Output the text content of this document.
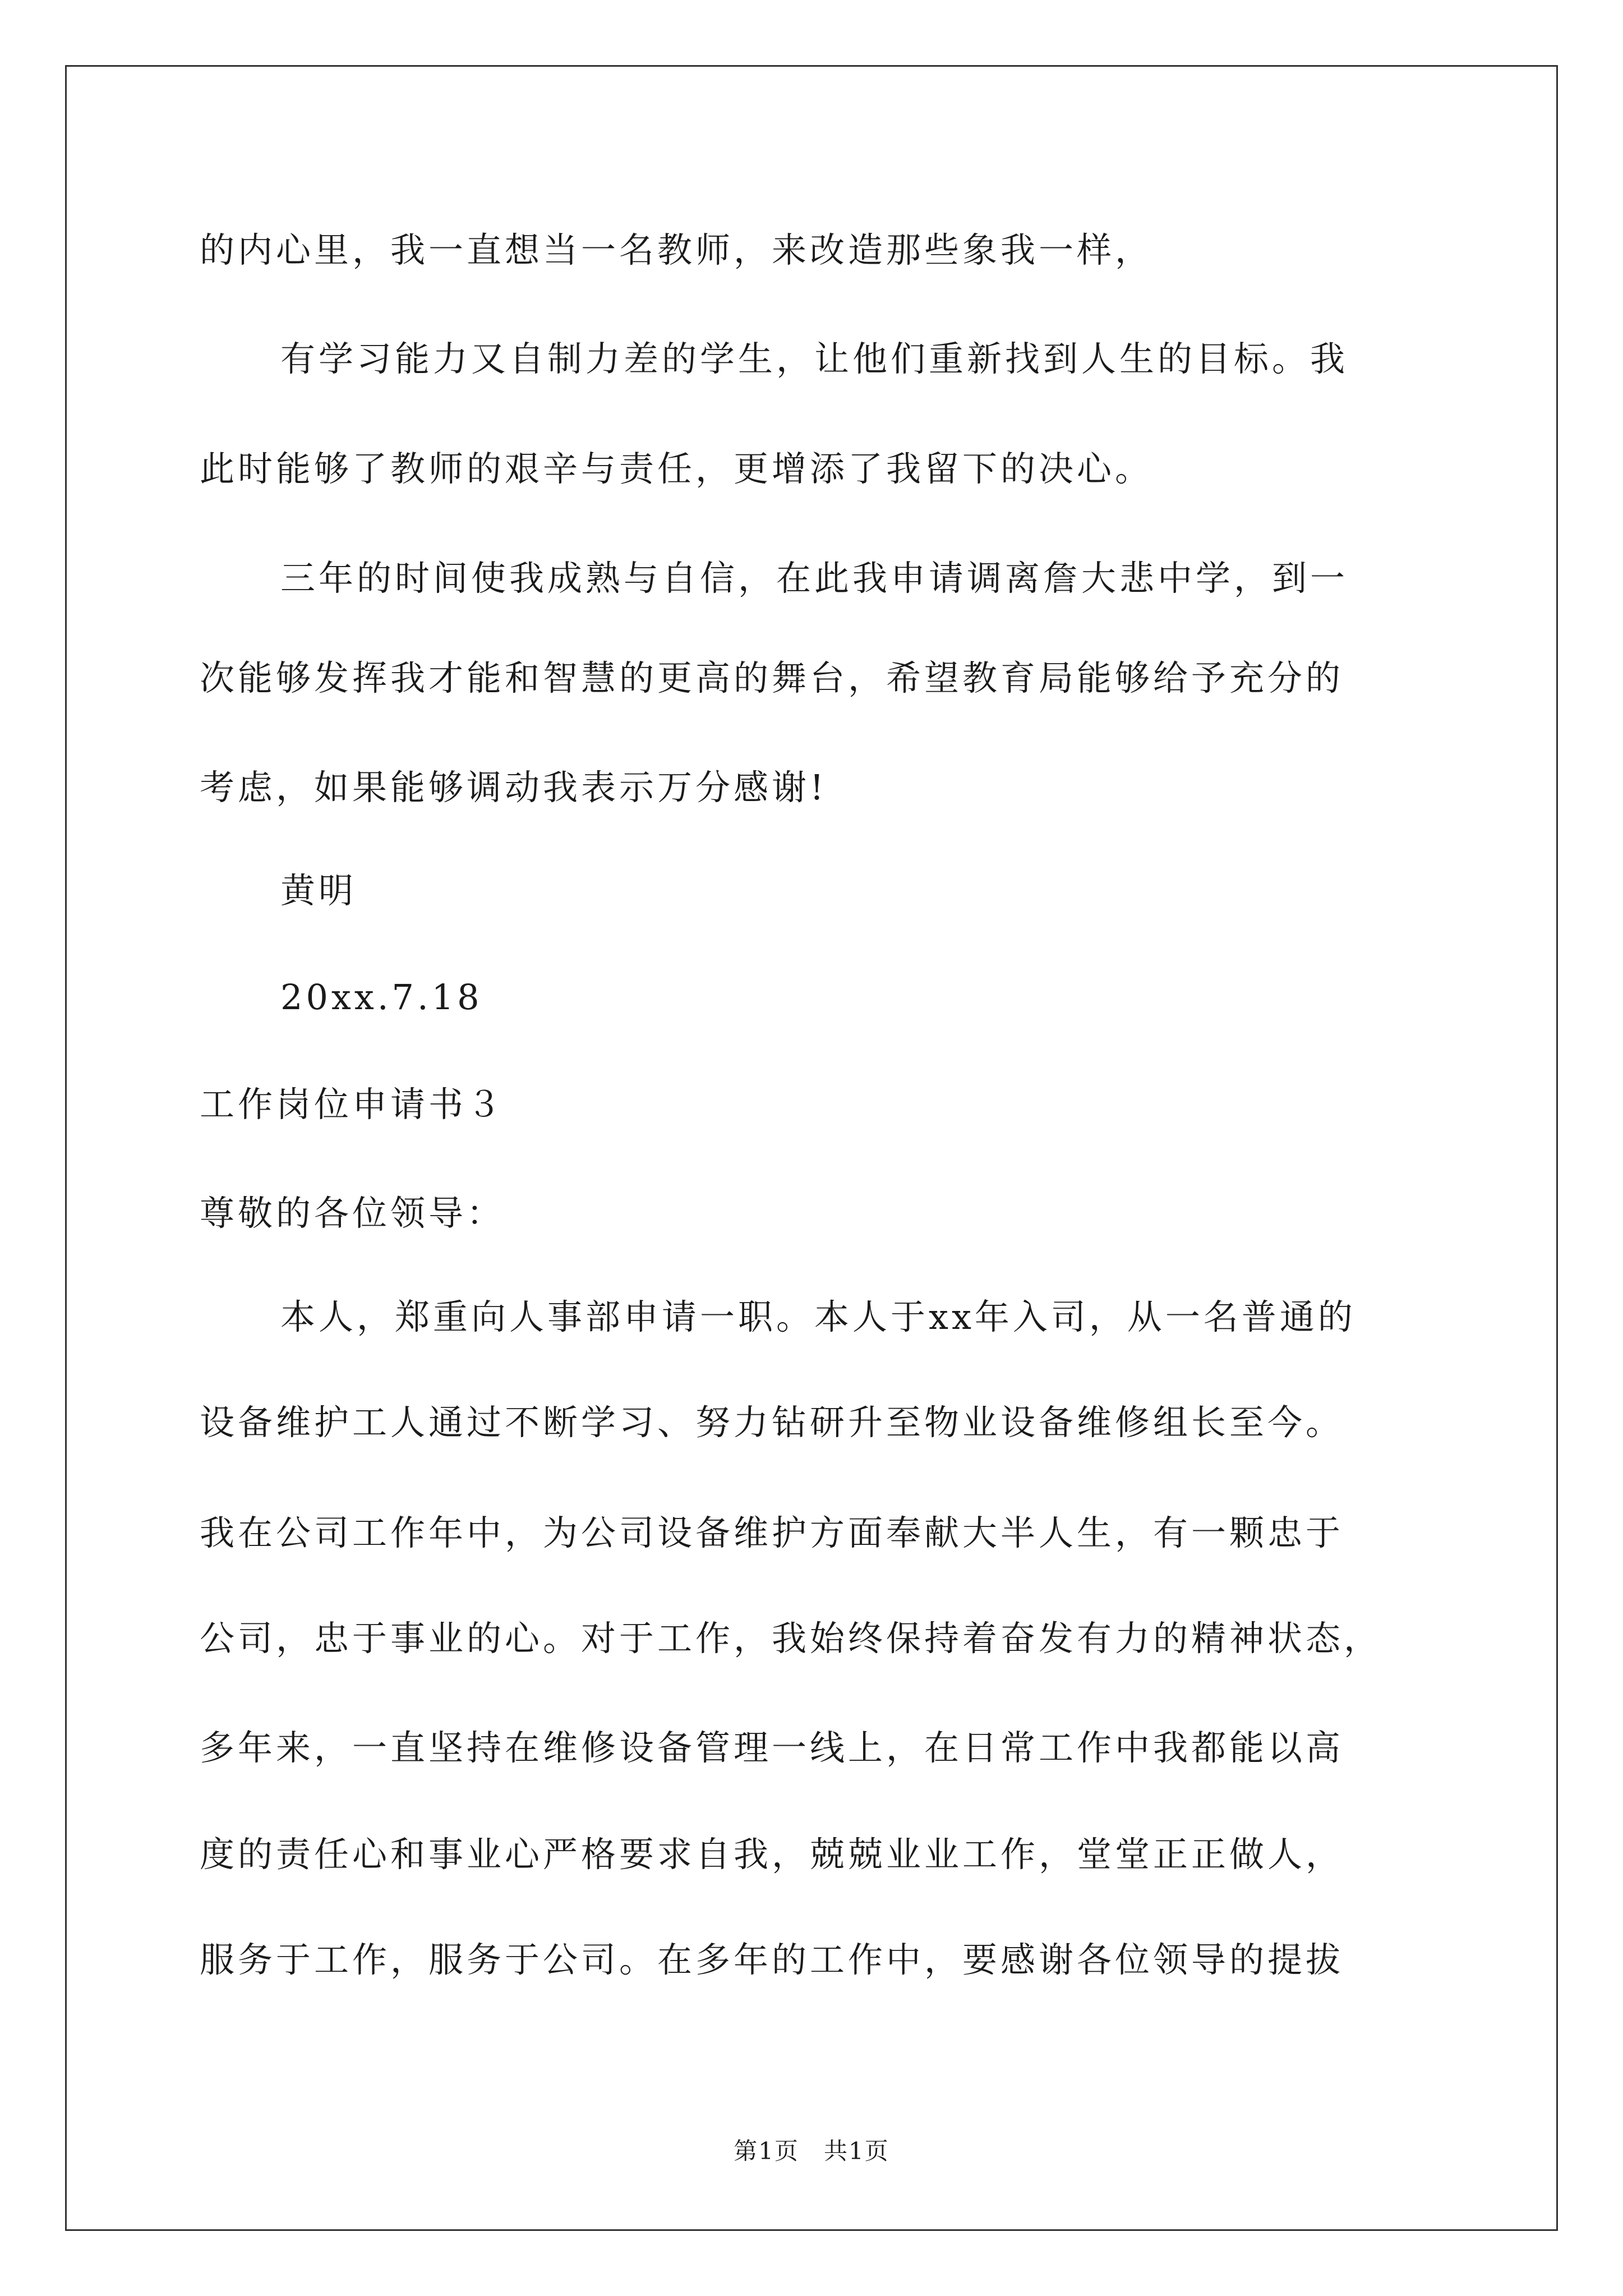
的内心里，我一直想当一名教师，来改造那些象我一样，
有学习能力又自制力差的学生，让他们重新找到人生的目标。我
此时能够了教师的艰辛与责任，更增添了我留下的决心。
三年的时间使我成熟与自信，在此我申请调离詹大悲中学，到一
次能够发挥我才能和智慧的更高的舞台，希望教育局能够给予充分的
考虑，如果能够调动我表示万分感谢!
黄明
20xx.7.18
工作岗位申请书３
尊敬的各位领导：
本人，郑重向人事部申请一职。本人于xx年入司，从一名普通的
设备维护工人通过不断学习、努力钻研升至物业设备维修组长至今。
我在公司工作年中，为公司设备维护方面奉献大半人生，有一颗忠于
公司，忠于事业的心。对于工作，我始终保持着奋发有力的精神状态，
多年来，一直坚持在维修设备管理一线上，在日常工作中我都能以高
度的责任心和事业心严格要求自我，兢兢业业工作，堂堂正正做人，
服务于工作，服务于公司。在多年的工作中，要感谢各位领导的提拔
第1页　共1页
